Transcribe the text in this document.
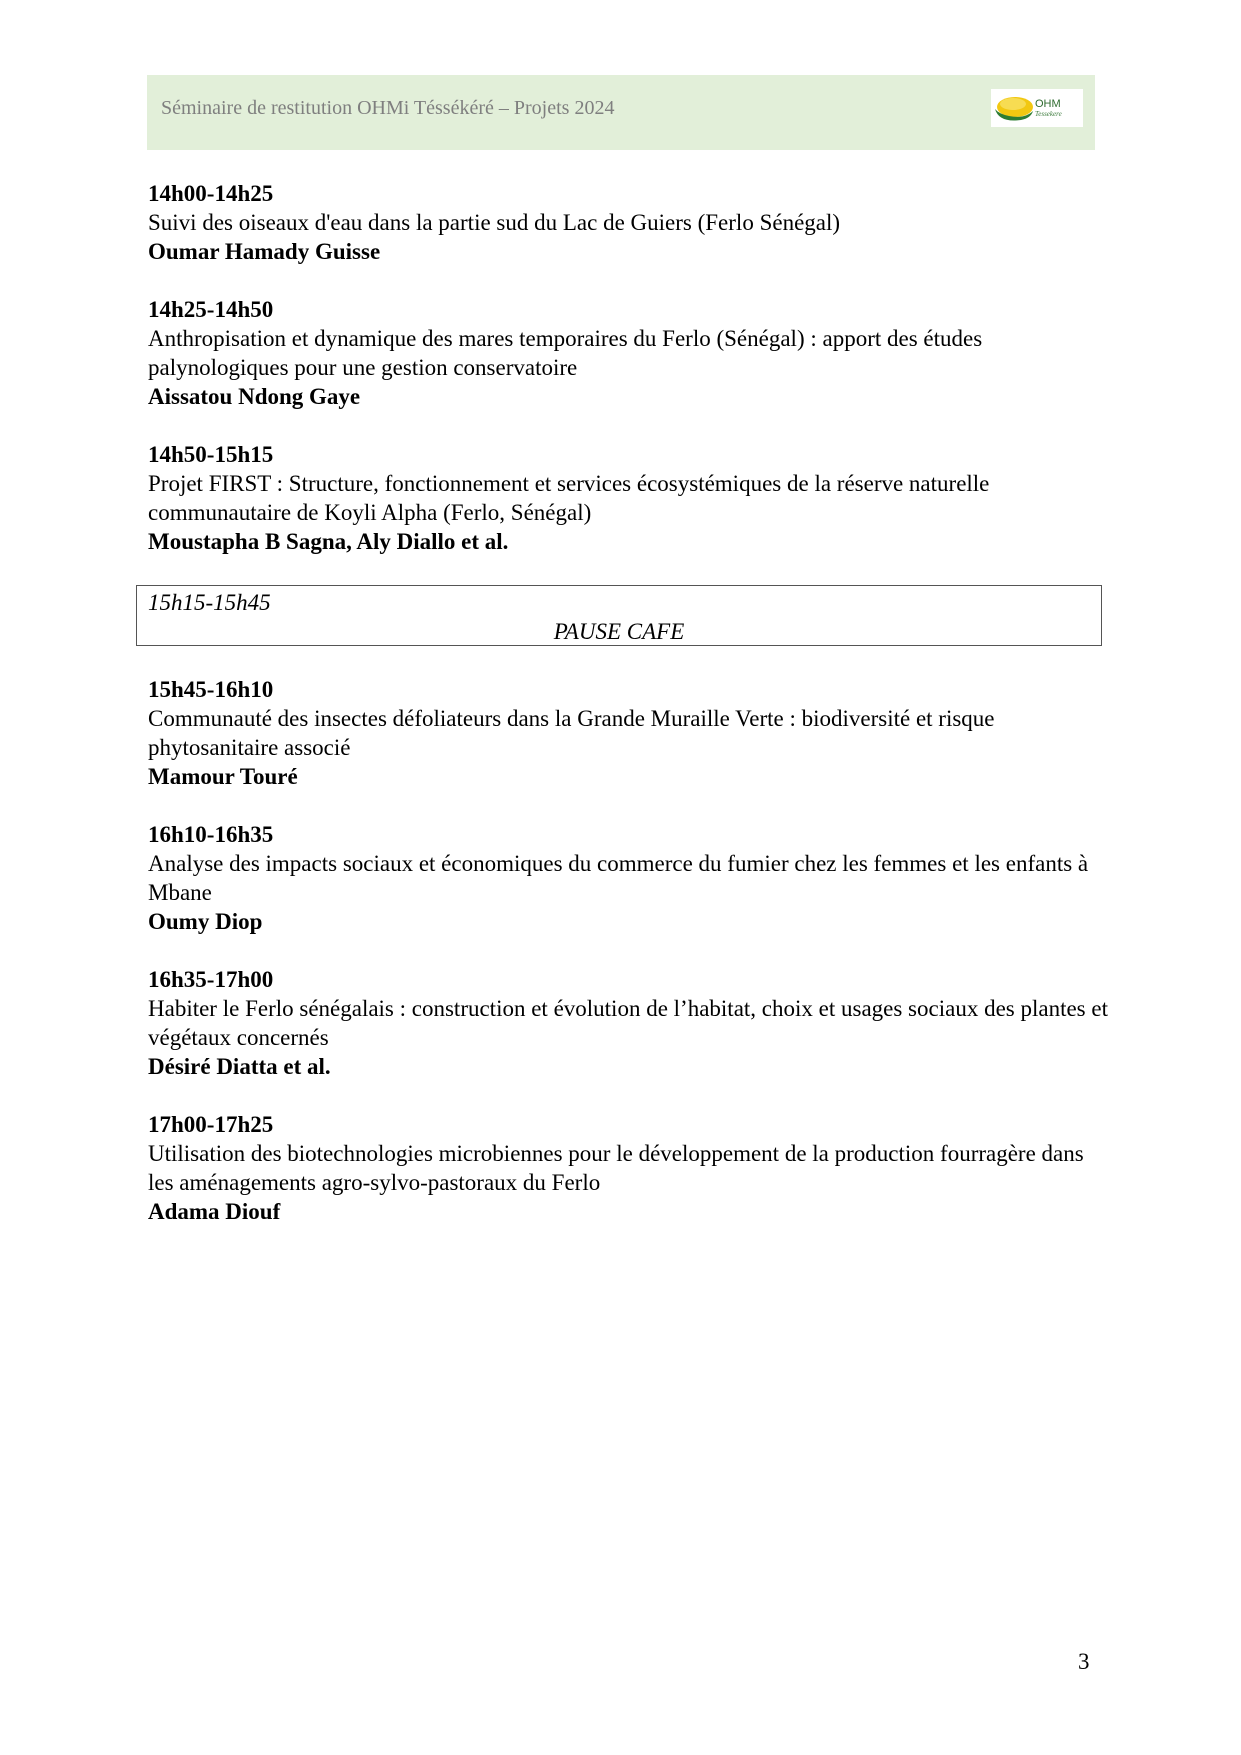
Séminaire de restitution OHMi Téssékéré – Projets 2024	OHM
Tessekere
14h00-14h25
Suivi des oiseaux d'eau dans la partie sud du Lac de Guiers (Ferlo Sénégal)
Oumar Hamady Guisse
14h25-14h50
Anthropisation et dynamique des mares temporaires du Ferlo (Sénégal) : apport des études palynologiques pour une gestion conservatoire
Aissatou Ndong Gaye
14h50-15h15
Projet FIRST : Structure, fonctionnement et services écosystémiques de la réserve naturelle communautaire de Koyli Alpha (Ferlo, Sénégal)
Moustapha B Sagna, Aly Diallo et al.
15h15-15h45
PAUSE CAFE
15h45-16h10
Communauté des insectes défoliateurs dans la Grande Muraille Verte : biodiversité et risque phytosanitaire associé
Mamour Touré
16h10-16h35
Analyse des impacts sociaux et économiques du commerce du fumier chez les femmes et les enfants à Mbane
Oumy Diop
16h35-17h00
Habiter le Ferlo sénégalais : construction et évolution de l’habitat, choix et usages sociaux des plantes et végétaux concernés
Désiré Diatta et al.
17h00-17h25
Utilisation des biotechnologies microbiennes pour le développement de la production fourragère dans les aménagements agro-sylvo-pastoraux du Ferlo
Adama Diouf
3
